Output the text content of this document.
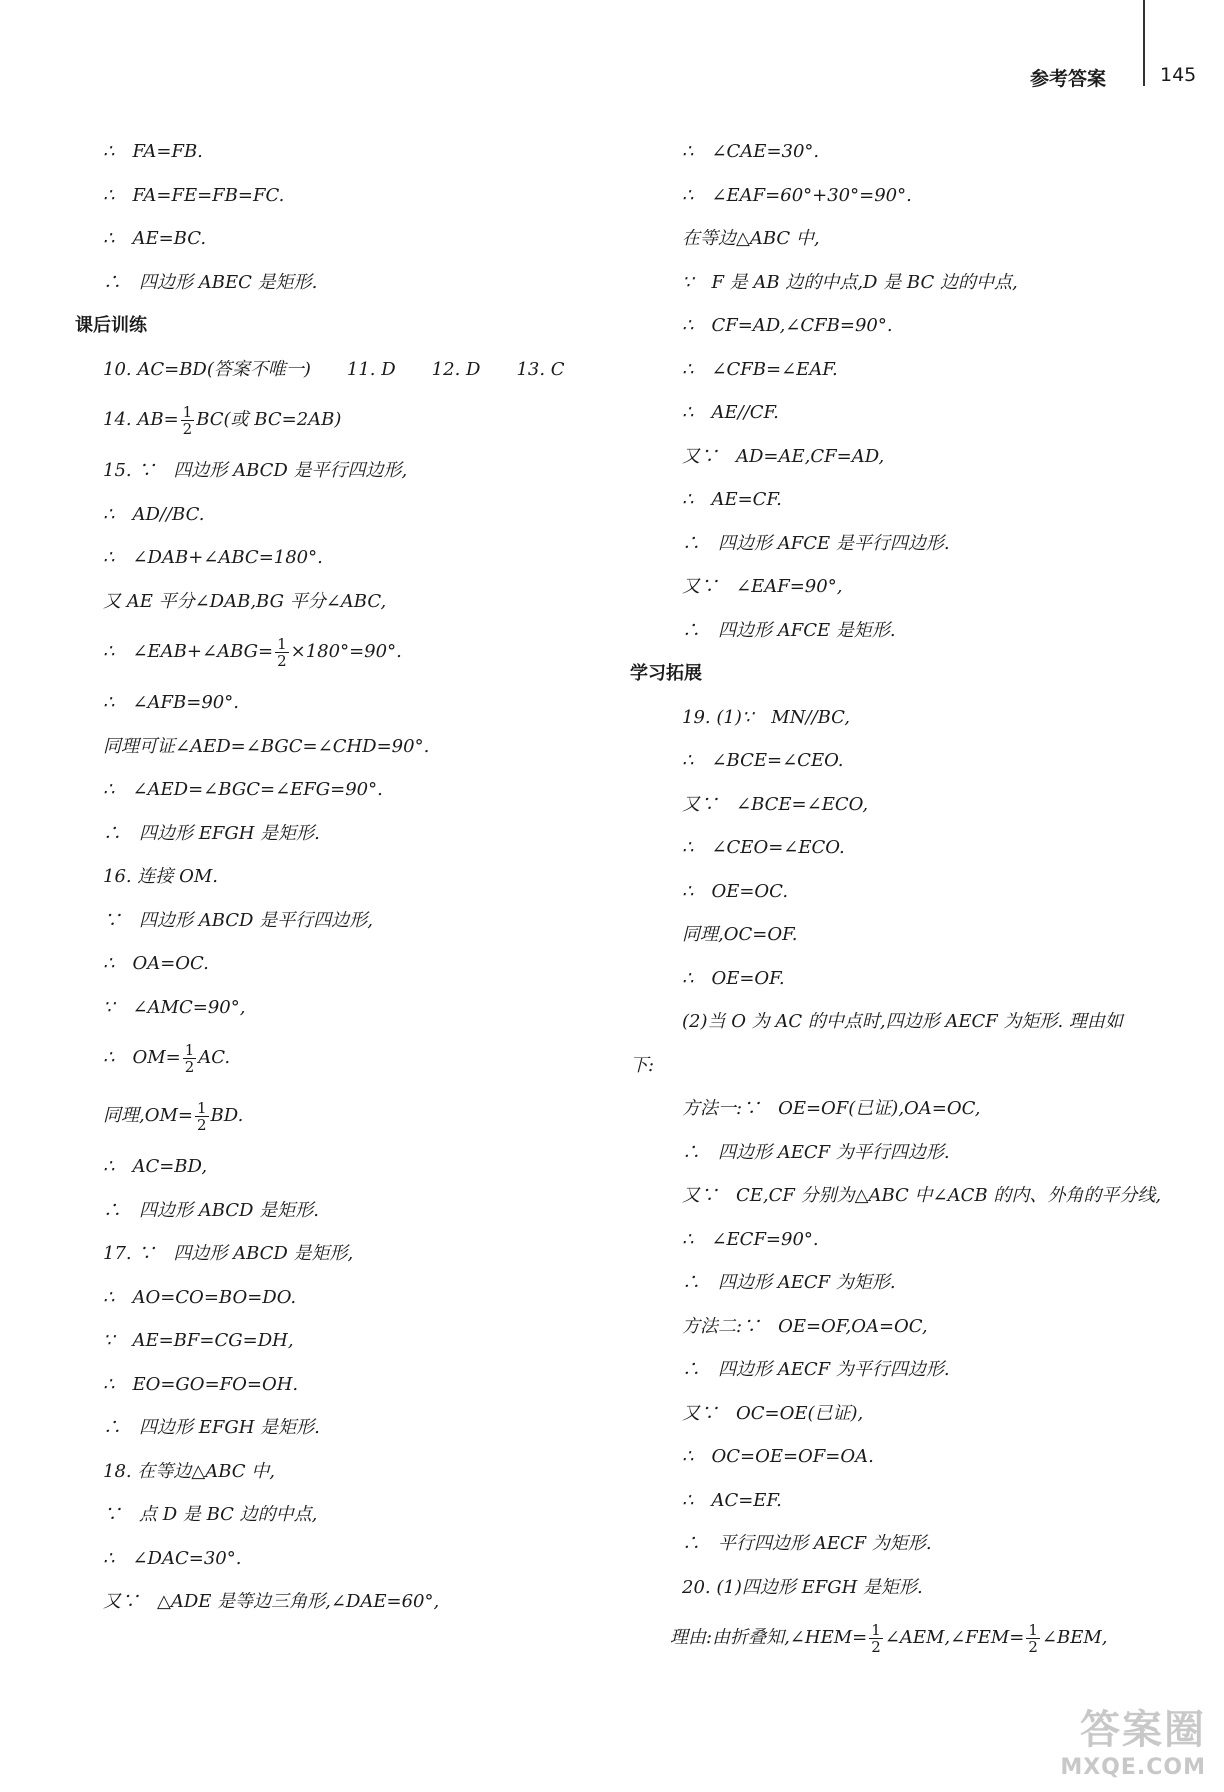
参考答案	145
∴　FA=FB.
∴　FA=FE=FB=FC.
∴　AE=BC.
∴　四边形 ABEC 是矩形.
课后训练
10. AC=BD(答案不唯一)　　11. D　　12. D　　13. C
14. $AB= \frac{1}{2} BC$(或 BC=2AB)
15. ∵　四边形 ABCD 是平行四边形,
∴　AD//BC.
∴　∠DAB+∠ABC=180°.
又 AE 平分∠DAB,BG 平分∠ABC,
∴　∠EAB+∠ABG= $\frac{1}{2} \times 180^\circ=90^\circ$.
∴　∠AFB=90°.
同理可证∠AED=∠BGC=∠CHD=90°.
∴　∠AED=∠BGC=∠EFG=90°.
∴　四边形 EFGH 是矩形.
16. 连接 OM.
∵　四边形 ABCD 是平行四边形,
∴　OA=OC.
∵　∠AMC=90°,
∴　$OM= \frac{1}{2}$ AC.
同理$,OM= \frac{1}{2}$ BD.
∴　AC=BD,
∴　四边形 ABCD 是矩形.
17. ∵　四边形 ABCD 是矩形,
∴　AO=CO=BO=DO.
∵　AE=BF=CG=DH,
∴　EO=GO=FO=OH.
∴　四边形 EFGH 是矩形.
18. 在等边△ABC 中,
∵　点 D 是 BC 边的中点,
∴　∠DAC=30°.
又∵　△ADE 是等边三角形,∠DAE=60°,
∴　∠CAE=30°.
∴　∠EAF=60°+30°=90°.
在等边△ABC 中,
∵　F 是 AB 边的中点,D 是 BC 边的中点,
∴　CF=AD,∠CFB=90°.
∴　∠CFB=∠EAF.
∴　AE//CF.
又∵　AD=AE,CF=AD,
∴　AE=CF.
∴　四边形 AFCE 是平行四边形.
又∵　∠EAF=90°,
∴　四边形 AFCE 是矩形.
学习拓展
19. (1)∵　MN//BC,
∴　∠BCE=∠CEO.
又∵　∠BCE=∠ECO,
∴　∠CEO=∠ECO.
∴　OE=OC.
同理,OC=OF.
∴　OE=OF.
(2)当 O 为 AC 的中点时,四边形 AECF 为矩形. 理由如下:
方法一:∵　OE=OF(已证),OA=OC,
∴　四边形 AECF 为平行四边形.
又∵　CE,CF 分别为△ABC 中∠ACB 的内、外角的平分线,
∴　∠ECF=90°.
∴　四边形 AECF 为矩形.
方法二:∵　OE=OF,OA=OC,
∴　四边形 AECF 为平行四边形.
又∵　OC=OE(已证),
∴　OC=OE=OF=OA.
∴　AC=EF.
∴　平行四边形 AECF 为矩形.
20. (1)四边形 EFGH 是矩形.
理由:由折叠知,∠HEM= $\frac{1}{2}$ ∠AEM,∠FEM= $\frac{1}{2}$ ∠BEM,
答案圈
MXQE.COM
